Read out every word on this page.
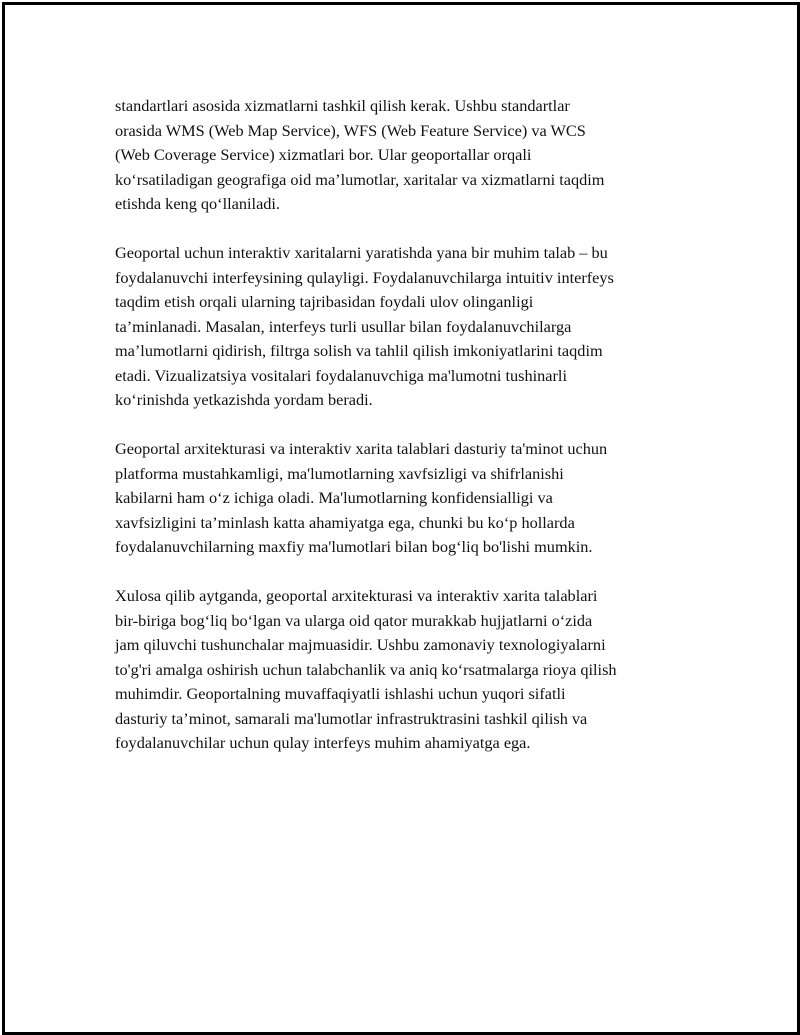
standartlari asosida xizmatlarni tashkil qilish kerak. Ushbu standartlar
orasida WMS (Web Map Service), WFS (Web Feature Service) va WCS
(Web Coverage Service) xizmatlari bor. Ular geoportallar orqali
koʻrsatiladigan geografiga oid maʼlumotlar, xaritalar va xizmatlarni taqdim
etishda keng qoʻllaniladi.
Geoportal uchun interaktiv xaritalarni yaratishda yana bir muhim talab – bu
foydalanuvchi interfeysining qulayligi. Foydalanuvchilarga intuitiv interfeys
taqdim etish orqali ularning tajribasidan foydali ulov olinganligi
taʼminlanadi. Masalan, interfeys turli usullar bilan foydalanuvchilarga
maʼlumotlarni qidirish, filtrga solish va tahlil qilish imkoniyatlarini taqdim
etadi. Vizualizatsiya vositalari foydalanuvchiga ma'lumotni tushinarli
koʻrinishda yetkazishda yordam beradi.
Geoportal arxitekturasi va interaktiv xarita talablari dasturiy ta'minot uchun
platforma mustahkamligi, ma'lumotlarning xavfsizligi va shifrlanishi
kabilarni ham oʻz ichiga oladi. Ma'lumotlarning konfidensialligi va
xavfsizligini taʼminlash katta ahamiyatga ega, chunki bu koʻp hollarda
foydalanuvchilarning maxfiy ma'lumotlari bilan bogʻliq bo'lishi mumkin.
Xulosa qilib aytganda, geoportal arxitekturasi va interaktiv xarita talablari
bir-biriga bogʻliq boʻlgan va ularga oid qator murakkab hujjatlarni oʻzida
jam qiluvchi tushunchalar majmuasidir. Ushbu zamonaviy texnologiyalarni
to'g'ri amalga oshirish uchun talabchanlik va aniq koʻrsatmalarga rioya qilish
muhimdir. Geoportalning muvaffaqiyatli ishlashi uchun yuqori sifatli
dasturiy taʼminot, samarali ma'lumotlar infrastruktrasini tashkil qilish va
foydalanuvchilar uchun qulay interfeys muhim ahamiyatga ega.
